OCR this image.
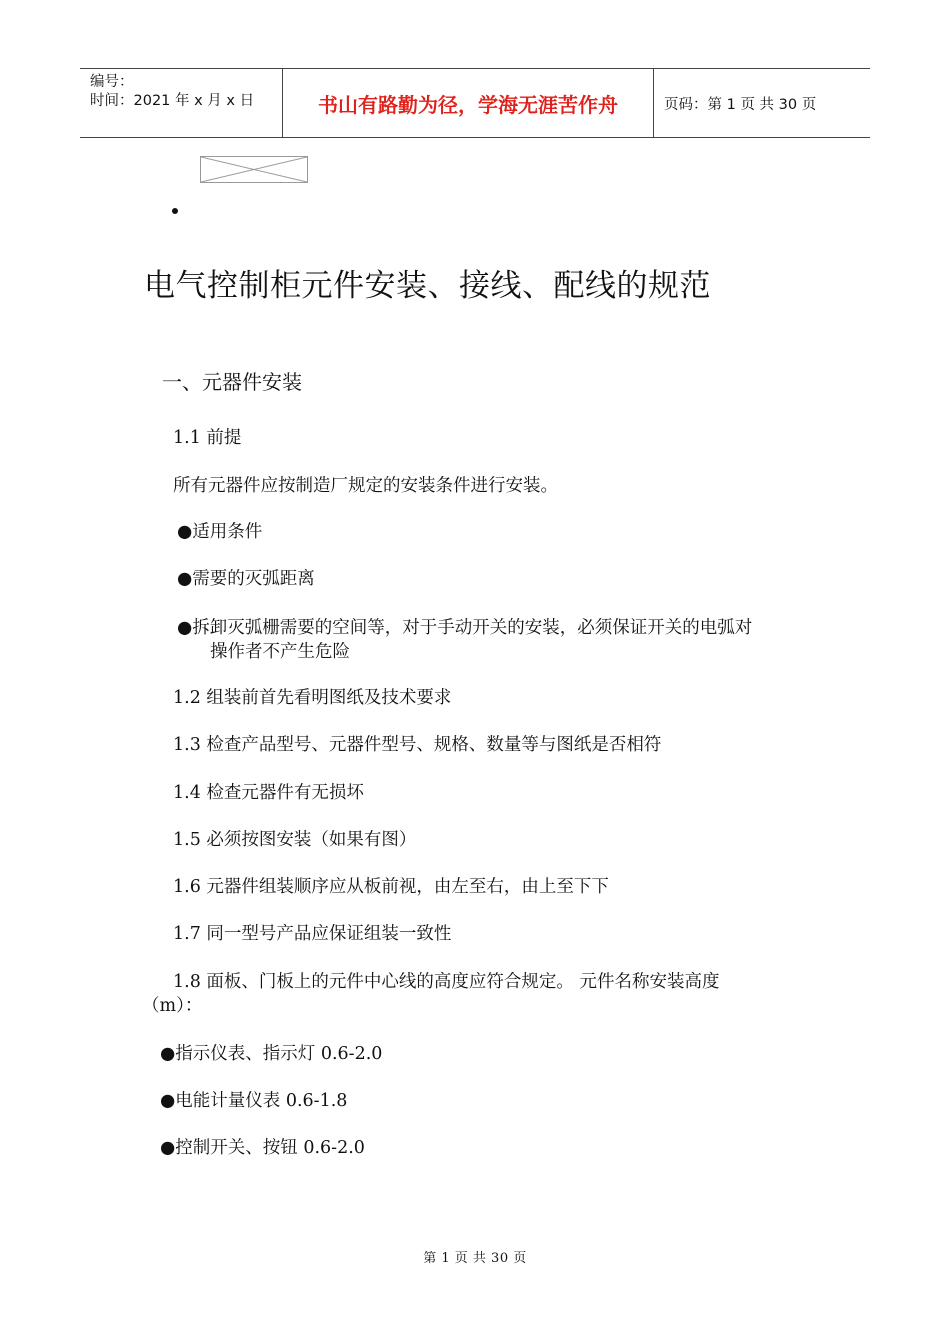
编号：
时间：2021 年 x 月 x 日	书山有路勤为径，学海无涯苦作舟	页码：第 1 页 共 30 页
电气控制柜元件安装、接线、配线的规范
一、元器件安装
1.1 前提
所有元器件应按制造厂规定的安装条件进行安装。
●适用条件
●需要的灭弧距离
●拆卸灭弧栅需要的空间等，对于手动开关的安装，必须保证开关的电弧对
操作者不产生危险
1.2 组装前首先看明图纸及技术要求
1.3 检查产品型号、元器件型号、规格、数量等与图纸是否相符
1.4 检查元器件有无损坏
1.5 必须按图安装（如果有图）
1.6 元器件组装顺序应从板前视，由左至右，由上至下下
1.7 同一型号产品应保证组装一致性
1.8 面板、门板上的元件中心线的高度应符合规定。 元件名称安装高度
（m）：
●指示仪表、指示灯 0.6-2.0
●电能计量仪表 0.6-1.8
●控制开关、按钮 0.6-2.0
第 1 页 共 30 页
